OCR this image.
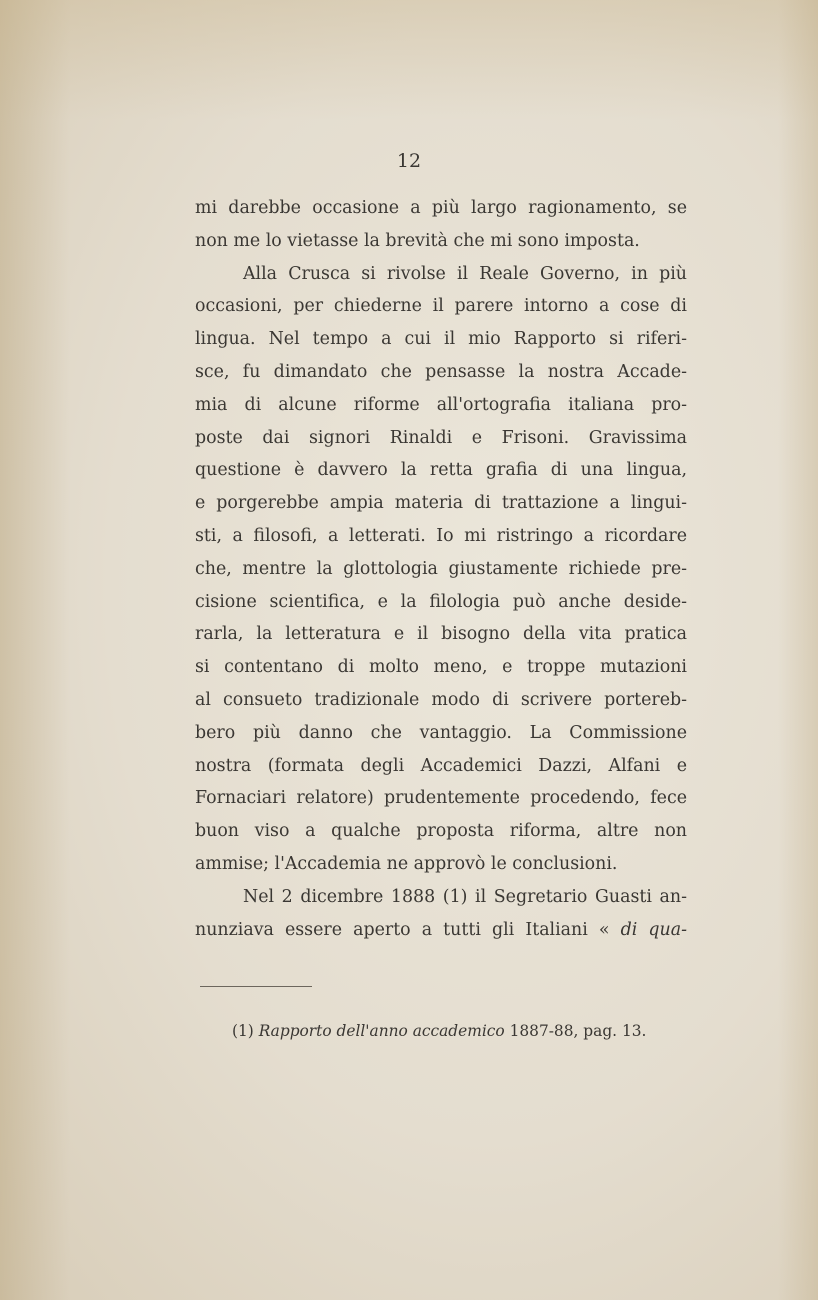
12
mi darebbe occasione a più largo ragionamento, se
non me lo vietasse la brevità che mi sono imposta.
Alla Crusca si rivolse il Reale Governo, in più
occasioni, per chiederne il parere intorno a cose di
lingua. Nel tempo a cui il mio Rapporto si riferi-
sce, fu dimandato che pensasse la nostra Accade-
mia di alcune riforme all'ortografia italiana pro-
poste dai signori Rinaldi e Frisoni. Gravissima
questione è davvero la retta grafia di una lingua,
e porgerebbe ampia materia di trattazione a lingui-
sti, a filosofi, a letterati. Io mi ristringo a ricordare
che, mentre la glottologia giustamente richiede pre-
cisione scientifica, e la filologia può anche deside-
rarla, la letteratura e il bisogno della vita pratica
si contentano di molto meno, e troppe mutazioni
al consueto tradizionale modo di scrivere portereb-
bero più danno che vantaggio. La Commissione
nostra (formata degli Accademici Dazzi, Alfani e
Fornaciari relatore) prudentemente procedendo, fece
buon viso a qualche proposta riforma, altre non
ammise; l'Accademia ne approvò le conclusioni.
Nel 2 dicembre 1888 (1) il Segretario Guasti an-
nunziava essere aperto a tutti gli Italiani « di qua-
(1) Rapporto dell'anno accademico 1887-88, pag. 13.
